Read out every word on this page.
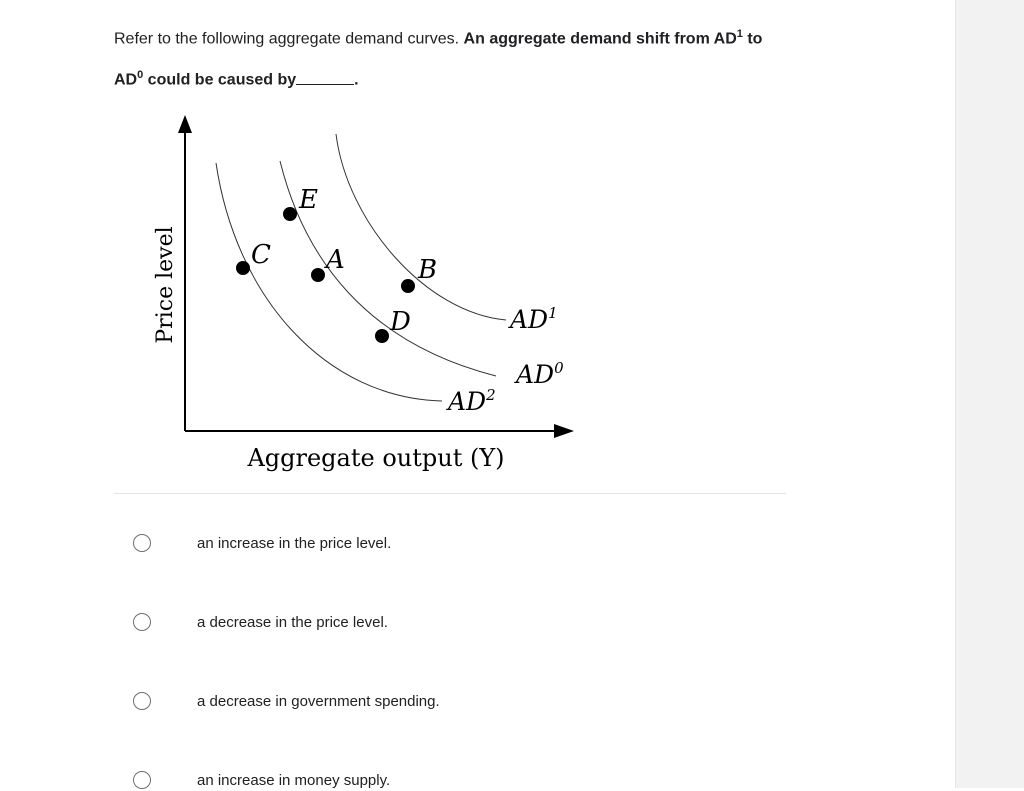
Refer to the following aggregate demand curves. An aggregate demand shift from $AD^1$ to
$AD^0$ could be caused by	.
E
C A	B
D	$AD^1$
$AD^0$
$AD^2$
Price level
Aggregate output (Y)
an increase in the price level.
a decrease in the price level.
a decrease in government spending.
an increase in money supply.
